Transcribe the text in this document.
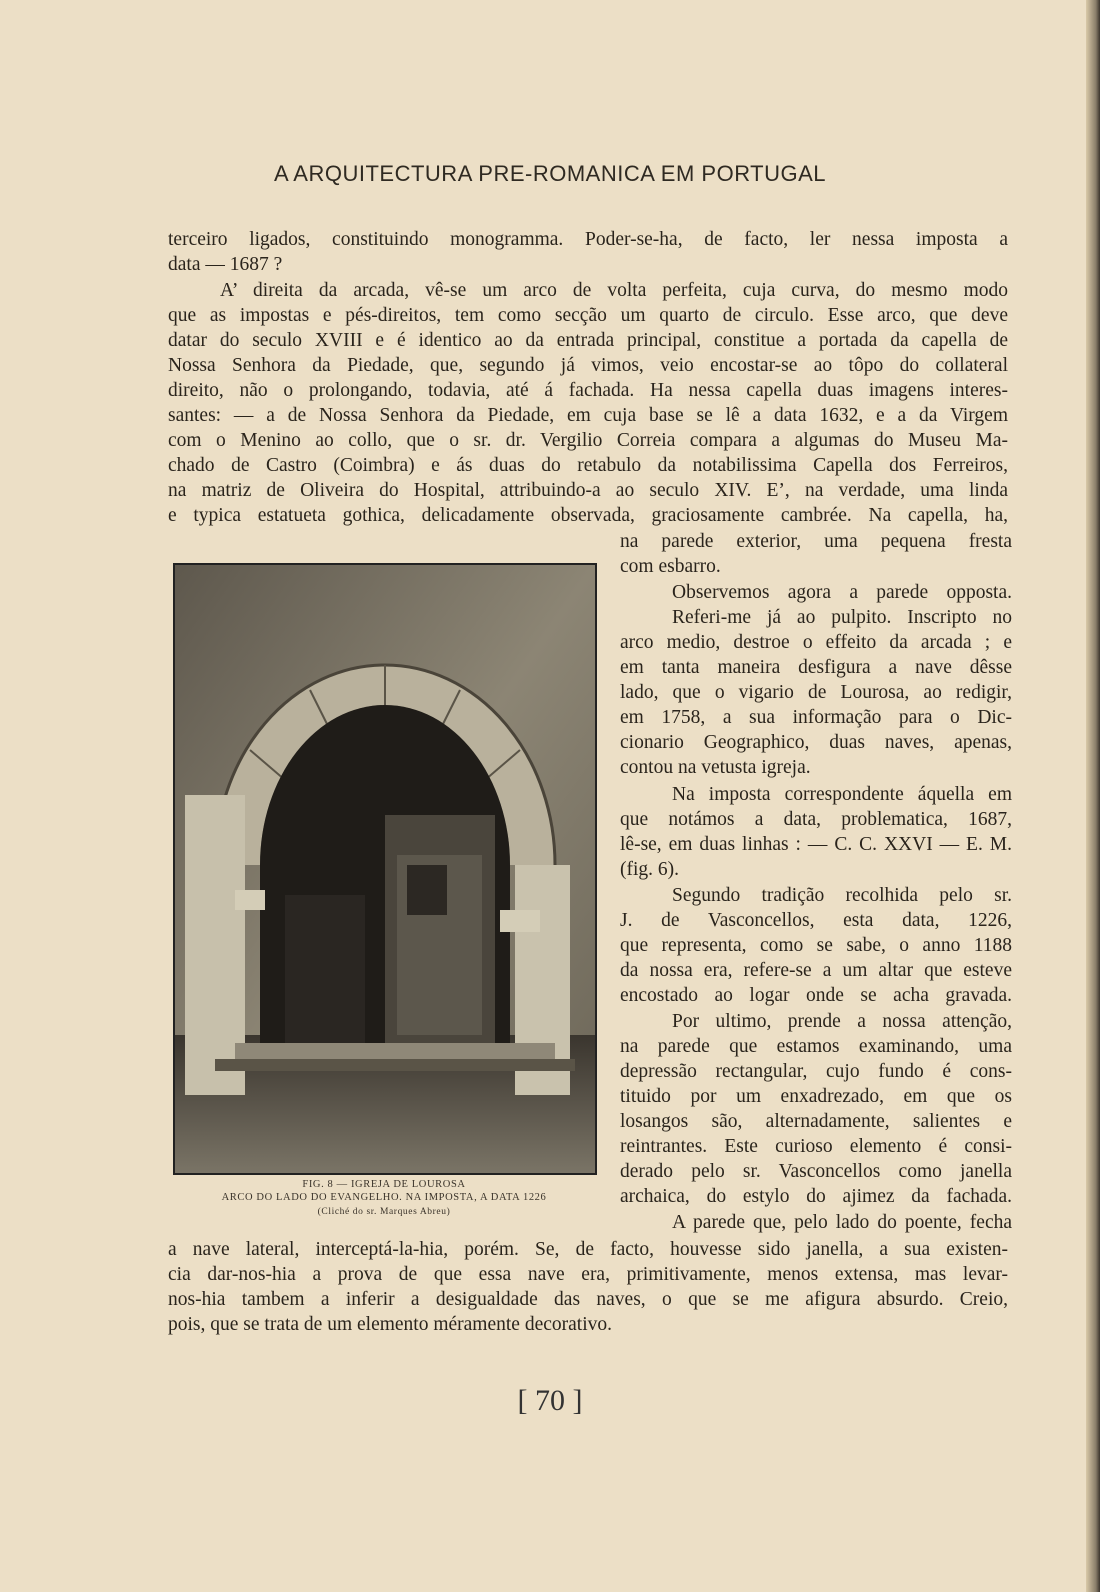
A ARQUITECTURA PRE-ROMANICA EM PORTUGAL
terceiro ligados, constituindo monogramma. Poder-se-ha, de facto, ler nessa imposta a
data — 1687 ?
A’ direita da arcada, vê-se um arco de volta perfeita, cuja curva, do mesmo modo
que as impostas e pés-direitos, tem como secção um quarto de circulo. Esse arco, que deve
datar do seculo XVIII e é identico ao da entrada principal, constitue a portada da capella de
Nossa Senhora da Piedade, que, segundo já vimos, veio encostar-se ao tôpo do collateral
direito, não o prolongando, todavia, até á fachada. Ha nessa capella duas imagens interes-
santes: — a de Nossa Senhora da Piedade, em cuja base se lê a data 1632, e a da Virgem
com o Menino ao collo, que o sr. dr. Vergilio Correia compara a algumas do Museu Ma-
chado de Castro (Coimbra) e ás duas do retabulo da notabilissima Capella dos Ferreiros,
na matriz de Oliveira do Hospital, attribuindo-a ao seculo XIV. E’, na verdade, uma linda
e typica estatueta gothica, delicadamente observada, graciosamente cambrée. Na capella, ha,
FIG. 8 — IGREJA DE LOUROSA
ARCO DO LADO DO EVANGELHO. NA IMPOSTA, A DATA 1226
(Cliché do sr. Marques Abreu)
na parede exterior, uma pequena fresta
com esbarro.
Observemos agora a parede opposta.
Referi-me já ao pulpito. Inscripto no
arco medio, destroe o effeito da arcada ; e
em tanta maneira desfigura a nave dêsse
lado, que o vigario de Lourosa, ao redigir,
em 1758, a sua informação para o Dic-
cionario Geographico, duas naves, apenas,
contou na vetusta igreja.
Na imposta correspondente áquella em
que notámos a data, problematica, 1687,
lê-se, em duas linhas : — C. C. XXVI — E. M.
(fig. 6).
Segundo tradição recolhida pelo sr.
J. de Vasconcellos, esta data, 1226,
que representa, como se sabe, o anno 1188
da nossa era, refere-se a um altar que esteve
encostado ao logar onde se acha gravada.
Por ultimo, prende a nossa attenção,
na parede que estamos examinando, uma
depressão rectangular, cujo fundo é cons-
tituido por um enxadrezado, em que os
losangos são, alternadamente, salientes e
reintrantes. Este curioso elemento é consi-
derado pelo sr. Vasconcellos como janella
archaica, do estylo do ajimez da fachada.
A parede que, pelo lado do poente, fecha
a nave lateral, interceptá-la-hia, porém. Se, de facto, houvesse sido janella, a sua existen-
cia dar-nos-hia a prova de que essa nave era, primitivamente, menos extensa, mas levar-
nos-hia tambem a inferir a desigualdade das naves, o que se me afigura absurdo. Creio,
pois, que se trata de um elemento méramente decorativo.
[ 70 ]
